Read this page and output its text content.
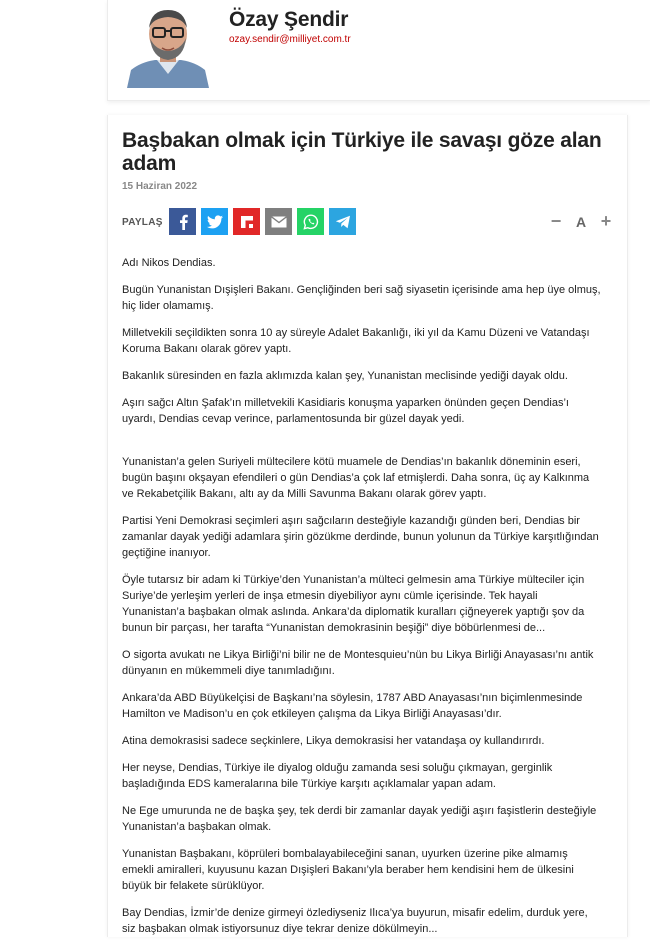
Özay Şendir
ozay.sendir@milliyet.com.tr
Başbakan olmak için Türkiye ile savaşı göze alan adam
15 Haziran 2022
PAYLAŞ	−	A +

Adı Nikos Dendias.

Bugün Yunanistan Dışişleri Bakanı. Gençliğinden beri sağ siyasetin içerisinde ama hep üye olmuş, hiç lider olamamış.

Milletvekili seçildikten sonra 10 ay süreyle Adalet Bakanlığı, iki yıl da Kamu Düzeni ve Vatandaşı Koruma Bakanı olarak görev yaptı.

Bakanlık süresinden en fazla aklımızda kalan şey, Yunanistan meclisinde yediği dayak oldu.

Aşırı sağcı Altın Şafak’ın milletvekili Kasidiaris konuşma yaparken önünden geçen Dendias’ı uyardı, Dendias cevap verince, parlamentosunda bir güzel dayak yedi.

Yunanistan’a gelen Suriyeli mültecilere kötü muamele de Dendias’ın bakanlık döneminin eseri, bugün başını okşayan efendileri o gün Dendias’a çok laf etmişlerdi. Daha sonra, üç ay Kalkınma ve Rekabetçilik Bakanı, altı ay da Milli Savunma Bakanı olarak görev yaptı.

Partisi Yeni Demokrasi seçimleri aşırı sağcıların desteğiyle kazandığı günden beri, Dendias bir zamanlar dayak yediği adamlara şirin gözükme derdinde, bunun yolunun da Türkiye karşıtlığından geçtiğine inanıyor.

Öyle tutarsız bir adam ki Türkiye’den Yunanistan’a mülteci gelmesin ama Türkiye mülteciler için Suriye’de yerleşim yerleri de inşa etmesin diyebiliyor aynı cümle içerisinde. Tek hayali Yunanistan’a başbakan olmak aslında. Ankara’da diplomatik kuralları çiğneyerek yaptığı şov da bunun bir parçası, her tarafta “Yunanistan demokrasinin beşiği” diye böbürlenmesi de...

O sigorta avukatı ne Likya Birliği’ni bilir ne de Montesquieu’nün bu Likya Birliği Anayasası’nı antik dünyanın en mükemmeli diye tanımladığını.

Ankara’da ABD Büyükelçisi de Başkanı’na söylesin, 1787 ABD Anayasası’nın biçimlenmesinde Hamilton ve Madison’u en çok etkileyen çalışma da Likya Birliği Anayasası’dır.

Atina demokrasisi sadece seçkinlere, Likya demokrasisi her vatandaşa oy kullandırırdı.

Her neyse, Dendias, Türkiye ile diyalog olduğu zamanda sesi soluğu çıkmayan, gerginlik başladığında EDS kameralarına bile Türkiye karşıtı açıklamalar yapan adam.

Ne Ege umurunda ne de başka şey, tek derdi bir zamanlar dayak yediği aşırı faşistlerin desteğiyle Yunanistan’a başbakan olmak.

Yunanistan Başbakanı, köprüleri bombalayabileceğini sanan, uyurken üzerine pike almamış emekli amiralleri, kuyusunu kazan Dışişleri Bakanı’yla beraber hem kendisini hem de ülkesini büyük bir felakete sürüklüyor.

Bay Dendias, İzmir’de denize girmeyi özlediyseniz Ilıca’ya buyurun, misafir edelim, durduk yere, siz başbakan olmak istiyorsunuz diye tekrar denize dökülmeyin...
